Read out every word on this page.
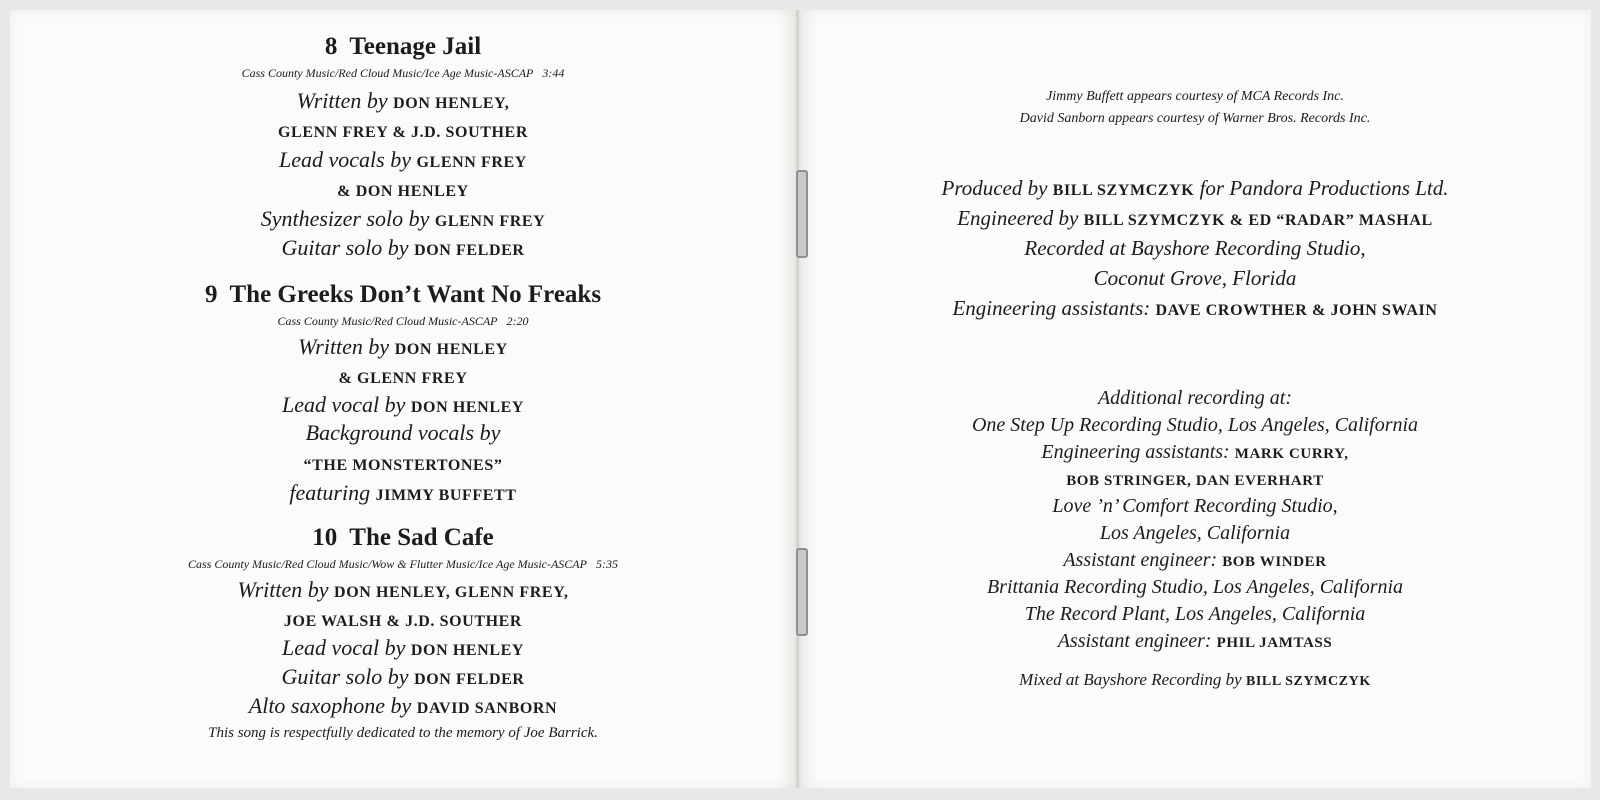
8 Teenage Jail
Cass County Music/Red Cloud Music/Ice Age Music-ASCAP 3:44
Written by DON HENLEY,
GLENN FREY & J.D. SOUTHER
Lead vocals by GLENN FREY
& DON HENLEY
Synthesizer solo by GLENN FREY
Guitar solo by DON FELDER
9 The Greeks Don’t Want No Freaks
Cass County Music/Red Cloud Music-ASCAP 2:20
Written by DON HENLEY
& GLENN FREY
Lead vocal by DON HENLEY
Background vocals by
“THE MONSTERTONES”
featuring JIMMY BUFFETT
10 The Sad Cafe
Cass County Music/Red Cloud Music/Wow & Flutter Music/Ice Age Music-ASCAP 5:35
Written by DON HENLEY, GLENN FREY,
JOE WALSH & J.D. SOUTHER
Lead vocal by DON HENLEY
Guitar solo by DON FELDER
Alto saxophone by DAVID SANBORN
This song is respectfully dedicated to the memory of Joe Barrick.
Jimmy Buffett appears courtesy of MCA Records Inc.
David Sanborn appears courtesy of Warner Bros. Records Inc.
Produced by BILL SZYMCZYK for Pandora Productions Ltd.
Engineered by BILL SZYMCZYK & ED “RADAR” MASHAL
Recorded at Bayshore Recording Studio,
Coconut Grove, Florida
Engineering assistants: DAVE CROWTHER & JOHN SWAIN
Additional recording at:
One Step Up Recording Studio, Los Angeles, California
Engineering assistants: MARK CURRY,
BOB STRINGER, DAN EVERHART
Love ’n’ Comfort Recording Studio,
Los Angeles, California
Assistant engineer: BOB WINDER
Brittania Recording Studio, Los Angeles, California
The Record Plant, Los Angeles, California
Assistant engineer: PHIL JAMTASS
Mixed at Bayshore Recording by BILL SZYMCZYK
